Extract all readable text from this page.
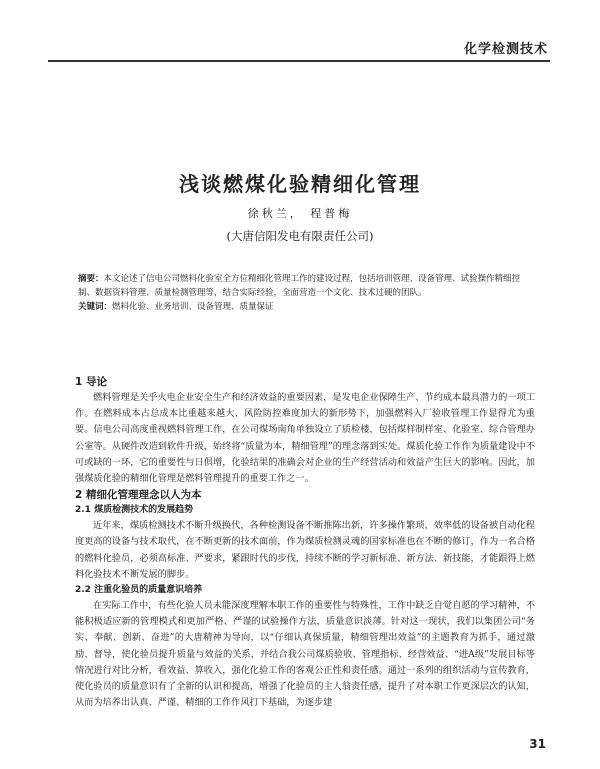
化学检测技术
浅谈燃煤化验精细化管理
徐秋兰， 程普梅
(大唐信阳发电有限责任公司)
摘要：本文论述了信电公司燃料化验室全方位精细化管理工作的建设过程，包括培训管理、设备管理、试验操作精细控制、数据资料管理、质量检测管理等，结合实际经验，全面营造一个文化、技术过硬的团队。
关键词：燃料化验、业务培训、设备管理、质量保证
1 导论

燃料管理是关乎火电企业安全生产和经济效益的重要因素，是发电企业保障生产、节约成本最具潜力的一项工作。在燃料成本占总成本比重越来越大、风险防控难度加大的新形势下，加强燃料入厂验收管理工作显得尤为重要。信电公司高度重视燃料管理工作，在公司煤场南角单独设立了质检楼，包括煤样制样室、化验室、综合管理办公室等。从硬件改造到软件升级，始终将“质量为本，精细管理”的理念落到实处。煤质化验工作作为质量建设中不可或缺的一环，它的重要性与日俱增，化验结果的准确会对企业的生产经营活动和效益产生巨大的影响。因此，加强煤质化验的精细化管理是燃料管理提升的重要工作之一。

2 精细化管理理念以人为本
2.1 煤质检测技术的发展趋势

近年来，煤质检测技术不断升级换代，各种检测设备不断推陈出新，许多操作繁琐、效率低的设备被自动化程度更高的设备与技术取代，在不断更新的技术面前，作为煤质检测灵魂的国家标准也在不断的修订，作为一名合格的燃料化验员，必须高标准、严要求，紧跟时代的步伐，持续不断的学习新标准、新方法、新技能，才能跟得上燃料化验技术不断发展的脚步。

2.2 注重化验员的质量意识培养

在实际工作中，有些化验人员未能深度理解本职工作的重要性与特殊性，工作中缺乏自觉自愿的学习精神，不能积极适应新的管理模式和更加严格、严谨的试验操作方法，质量意识淡薄。针对这一现状，我们以集团公司“务实、奉献、创新、奋进”的大唐精神为导向，以“仔细认真保质量，精细管理出效益”的主题教育为抓手，通过激励、督导，使化验员提升质量与效益的关系，并结合我公司煤质验收、管理指标、经营效益、“进A级”发展目标等情况进行对比分析，看效益、算收入，强化化验工作的客观公正性和责任感。通过一系列的组织活动与宣传教育，使化验员的质量意识有了全新的认识和提高，增强了化验员的主人翁责任感，提升了对本职工作更深层次的认知，从而为培养出认真、严谨、精细的工作作风打下基础，为逐步建

31
